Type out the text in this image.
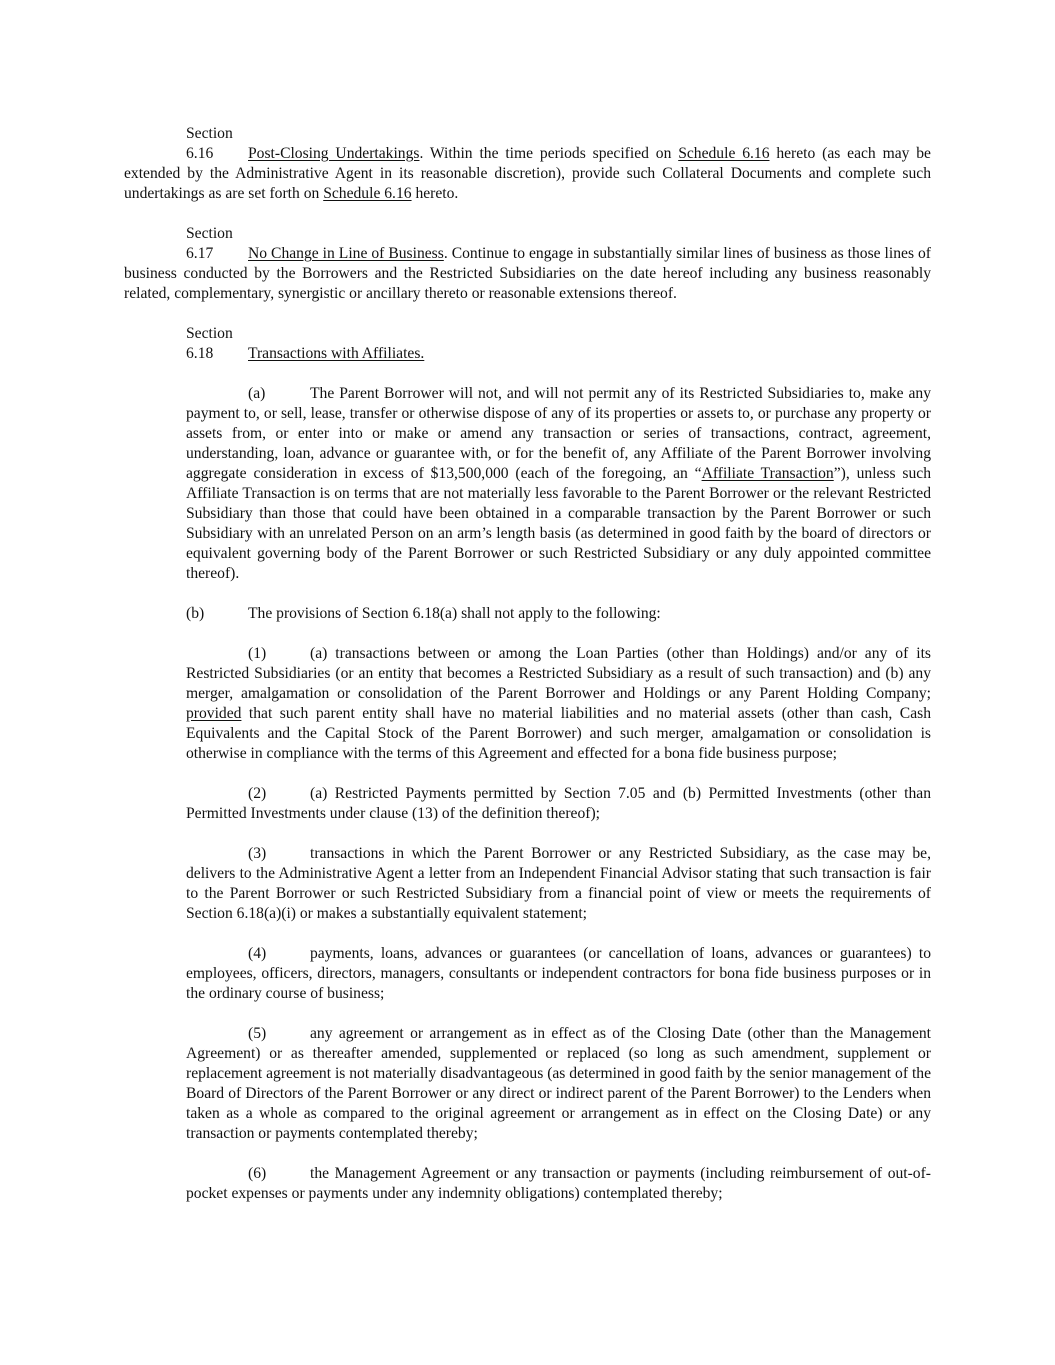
Section 6.16 Post-Closing Undertakings. Within the time periods specified on Schedule 6.16 hereto (as each may be extended by the Administrative Agent in its reasonable discretion), provide such Collateral Documents and complete such undertakings as are set forth on Schedule 6.16 hereto.

Section 6.17 No Change in Line of Business. Continue to engage in substantially similar lines of business as those lines of business conducted by the Borrowers and the Restricted Subsidiaries on the date hereof including any business reasonably related, complementary, synergistic or ancillary thereto or reasonable extensions thereof.

Section 6.18 Transactions with Affiliates.

(a)	The Parent Borrower will not, and will not permit any of its Restricted Subsidiaries to, make any payment to, or sell, lease, transfer or otherwise dispose of any of its properties or assets to, or purchase any property or assets from, or enter into or make or amend any transaction or series of transactions, contract, agreement, understanding, loan, advance or guarantee with, or for the benefit of, any Affiliate of the Parent Borrower involving aggregate consideration in excess of $13,500,000 (each of the foregoing, an “Affiliate Transaction”), unless such Affiliate Transaction is on terms that are not materially less favorable to the Parent Borrower or the relevant Restricted Subsidiary than those that could have been obtained in a comparable transaction by the Parent Borrower or such Subsidiary with an unrelated Person on an arm’s length basis (as determined in good faith by the board of directors or equivalent governing body of the Parent Borrower or such Restricted Subsidiary or any duly appointed committee thereof).

(b)	The provisions of Section 6.18(a) shall not apply to the following:

(1)	(a) transactions between or among the Loan Parties (other than Holdings) and/or any of its Restricted Subsidiaries (or an entity that becomes a Restricted Subsidiary as a result of such transaction) and (b) any merger, amalgamation or consolidation of the Parent Borrower and Holdings or any Parent Holding Company; provided that such parent entity shall have no material liabilities and no material assets (other than cash, Cash Equivalents and the Capital Stock of the Parent Borrower) and such merger, amalgamation or consolidation is otherwise in compliance with the terms of this Agreement and effected for a bona fide business purpose;

(2)	(a) Restricted Payments permitted by Section 7.05 and (b) Permitted Investments (other than Permitted Investments under clause (13) of the definition thereof);

(3)	transactions in which the Parent Borrower or any Restricted Subsidiary, as the case may be, delivers to the Administrative Agent a letter from an Independent Financial Advisor stating that such transaction is fair to the Parent Borrower or such Restricted Subsidiary from a financial point of view or meets the requirements of Section 6.18(a)(i) or makes a substantially equivalent statement;

(4)	payments, loans, advances or guarantees (or cancellation of loans, advances or guarantees) to employees, officers, directors, managers, consultants or independent contractors for bona fide business purposes or in the ordinary course of business;

(5)	any agreement or arrangement as in effect as of the Closing Date (other than the Management Agreement) or as thereafter amended, supplemented or replaced (so long as such amendment, supplement or replacement agreement is not materially disadvantageous (as determined in good faith by the senior management of the Board of Directors of the Parent Borrower or any direct or indirect parent of the Parent Borrower) to the Lenders when taken as a whole as compared to the original agreement or arrangement as in effect on the Closing Date) or any transaction or payments contemplated thereby;

(6)	the Management Agreement or any transaction or payments (including reimbursement of out-of-pocket expenses or payments under any indemnity obligations) contemplated thereby;
